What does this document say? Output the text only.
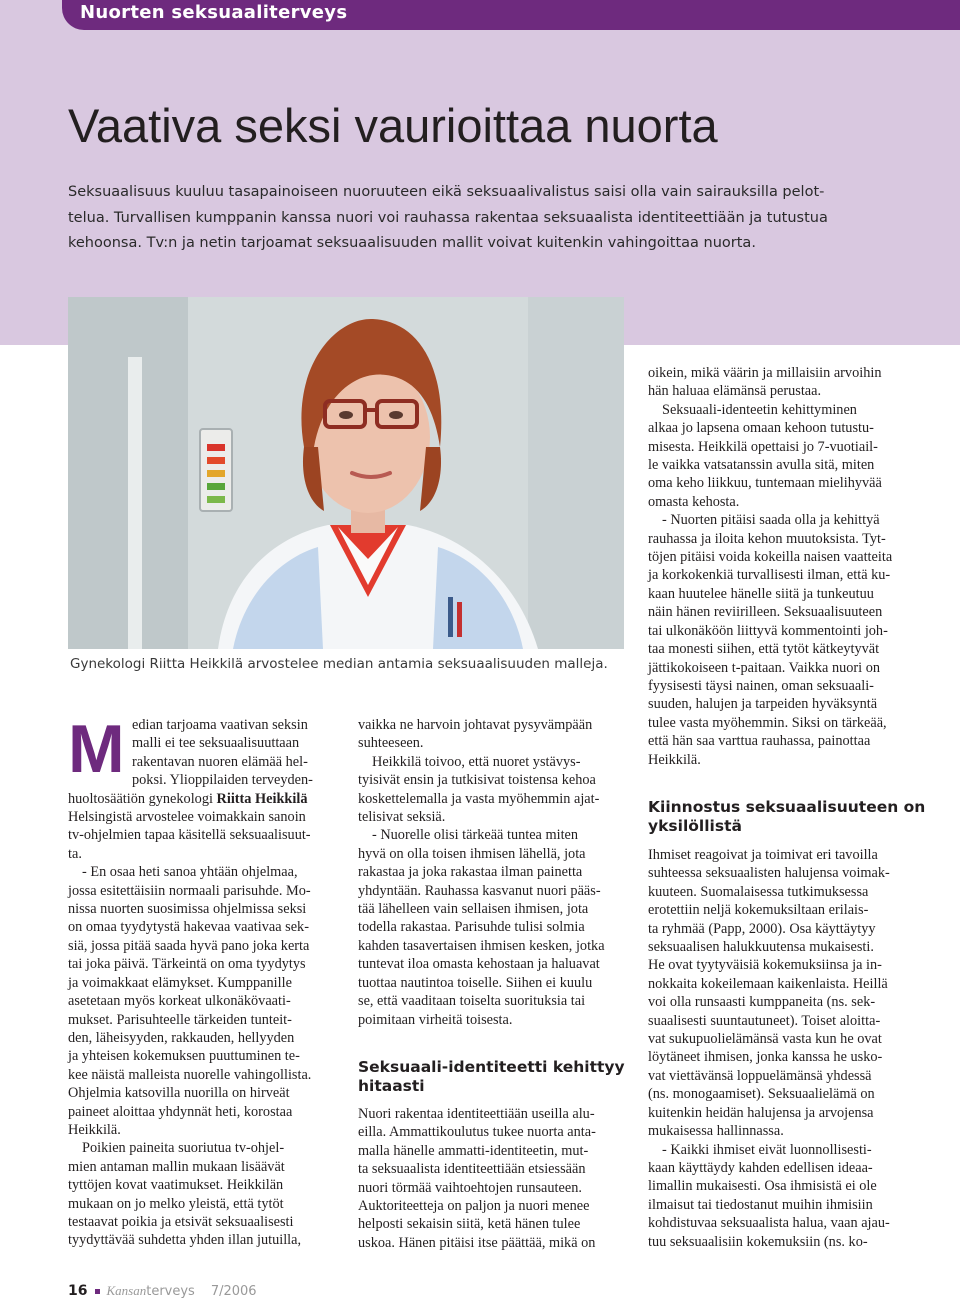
Nuorten seksuaaliterveys
Vaativa seksi vaurioittaa nuorta
Seksuaalisuus kuuluu tasapainoiseen nuoruuteen eikä seksuaalivalistus saisi olla vain sairauksilla pelot-
telua. Turvallisen kumppanin kanssa nuori voi rauhassa rakentaa seksuaalista identiteettiään ja tutustua
kehoonsa. Tv:n ja netin tarjoamat seksuaalisuuden mallit voivat kuitenkin vahingoittaa nuorta.

Gynekologi Riitta Heikkilä arvostelee median antamia seksuaalisuuden malleja.

M edian tarjoama vaativan seksin
malli ei tee seksuaalisuuttaan
rakentavan nuoren elämää hel-
poksi. Ylioppilaiden terveyden-
huoltosäätiön gynekologi Riitta Heikkilä
Helsingistä arvostelee voimakkain sanoin
tv-ohjelmien tapaa käsitellä seksuaalisuut-
ta.

- En osaa heti sanoa yhtään ohjelmaa,
jossa esitettäisiin normaali parisuhde. Mo-
nissa nuorten suosimissa ohjelmissa seksi
on omaa tyydytystä hakevaa vaativaa sek-
siä, jossa pitää saada hyvä pano joka kerta
tai joka päivä. Tärkeintä on oma tyydytys
ja voimakkaat elämykset. Kumppanille
asetetaan myös korkeat ulkonäkövaati-
mukset. Parisuhteelle tärkeiden tunteit-
den, läheisyyden, rakkauden, hellyyden
ja yhteisen kokemuksen puuttuminen te-
kee näistä malleista nuorelle vahingollista.
Ohjelmia katsovilla nuorilla on hirveät
paineet aloittaa yhdynnät heti, korostaa
Heikkilä.

Poikien paineita suoriutua tv-ohjel-
mien antaman mallin mukaan lisäävät
tyttöjen kovat vaatimukset. Heikkilän
mukaan on jo melko yleistä, että tytöt
testaavat poikia ja etsivät seksuaalisesti
tyydyttävää suhdetta yhden illan jutuilla,

vaikka ne harvoin johtavat pysyvämpään
suhteeseen.

Heikkilä toivoo, että nuoret ystävys-
tyisivät ensin ja tutkisivat toistensa kehoa
koskettelemalla ja vasta myöhemmin ajat-
telisivat seksiä.

- Nuorelle olisi tärkeää tuntea miten
hyvä on olla toisen ihmisen lähellä, jota
rakastaa ja joka rakastaa ilman painetta
yhdyntään. Rauhassa kasvanut nuori pääs-
tää lähelleen vain sellaisen ihmisen, jota
todella rakastaa. Parisuhde tulisi solmia
kahden tasavertaisen ihmisen kesken, jotka
tuntevat iloa omasta kehostaan ja haluavat
tuottaa nautintoa toiselle. Siihen ei kuulu
se, että vaaditaan toiselta suorituksia tai
poimitaan virheitä toisesta.

Seksuaali-identiteetti kehittyy
hitaasti

Nuori rakentaa identiteettiään useilla alu-
eilla. Ammattikoulutus tukee nuorta anta-
malla hänelle ammatti-identiteetin, mut-
ta seksuaalista identiteettiään etsiessään
nuori törmää vaihtoehtojen runsauteen.
Auktoriteetteja on paljon ja nuori menee
helposti sekaisin siitä, ketä hänen tulee
uskoa. Hänen pitäisi itse päättää, mikä on

oikein, mikä väärin ja millaisiin arvoihin
hän haluaa elämänsä perustaa.

Seksuaali-identeetin kehittyminen
alkaa jo lapsena omaan kehoon tutustu-
misesta. Heikkilä opettaisi jo 7-vuotiail-
le vaikka vatsatanssin avulla sitä, miten
oma keho liikkuu, tuntemaan mielihyvää
omasta kehosta.

- Nuorten pitäisi saada olla ja kehittyä
rauhassa ja iloita kehon muutoksista. Tyt-
töjen pitäisi voida kokeilla naisen vaatteita
ja korkokenkiä turvallisesti ilman, että ku-
kaan huutelee hänelle siitä ja tunkeutuu
näin hänen reviirilleen. Seksuaalisuuteen
tai ulkonäköön liittyvä kommentointi joh-
taa monesti siihen, että tytöt kätkeytyvät
jättikokoiseen t-paitaan. Vaikka nuori on
fyysisesti täysi nainen, oman seksuaali-
suuden, halujen ja tarpeiden hyväksyntä
tulee vasta myöhemmin. Siksi on tärkeää,
että hän saa varttua rauhassa, painottaa
Heikkilä.

Kiinnostus seksuaalisuuteen on
yksilöllistä

Ihmiset reagoivat ja toimivat eri tavoilla
suhteessa seksuaalisten halujensa voimak-
kuuteen. Suomalaisessa tutkimuksessa
erotettiin neljä kokemuksiltaan erilais-
ta ryhmää (Papp, 2000). Osa käyttäytyy
seksuaalisen halukkuutensa mukaisesti.
He ovat tyytyväisiä kokemuksiinsa ja in-
nokkaita kokeilemaan kaikenlaista. Heillä
voi olla runsaasti kumppaneita (ns. sek-
suaalisesti suuntautuneet). Toiset aloitta-
vat sukupuolielämänsä vasta kun he ovat
löytäneet ihmisen, jonka kanssa he usko-
vat viettävänsä loppuelämänsä yhdessä
(ns. monogaamiset). Seksuaalielämä on
kuitenkin heidän halujensa ja arvojensa
mukaisessa hallinnassa.

- Kaikki ihmiset eivät luonnollisesti-
kaan käyttäydy kahden edellisen ideaa-
limallin mukaisesti. Osa ihmisistä ei ole
ilmaisut tai tiedostanut muihin ihmisiin
kohdistuvaa seksuaalista halua, vaan ajau-
tuu seksuaalisiin kokemuksiin (ns. ko-

16 Kansanterveys 7/2006
